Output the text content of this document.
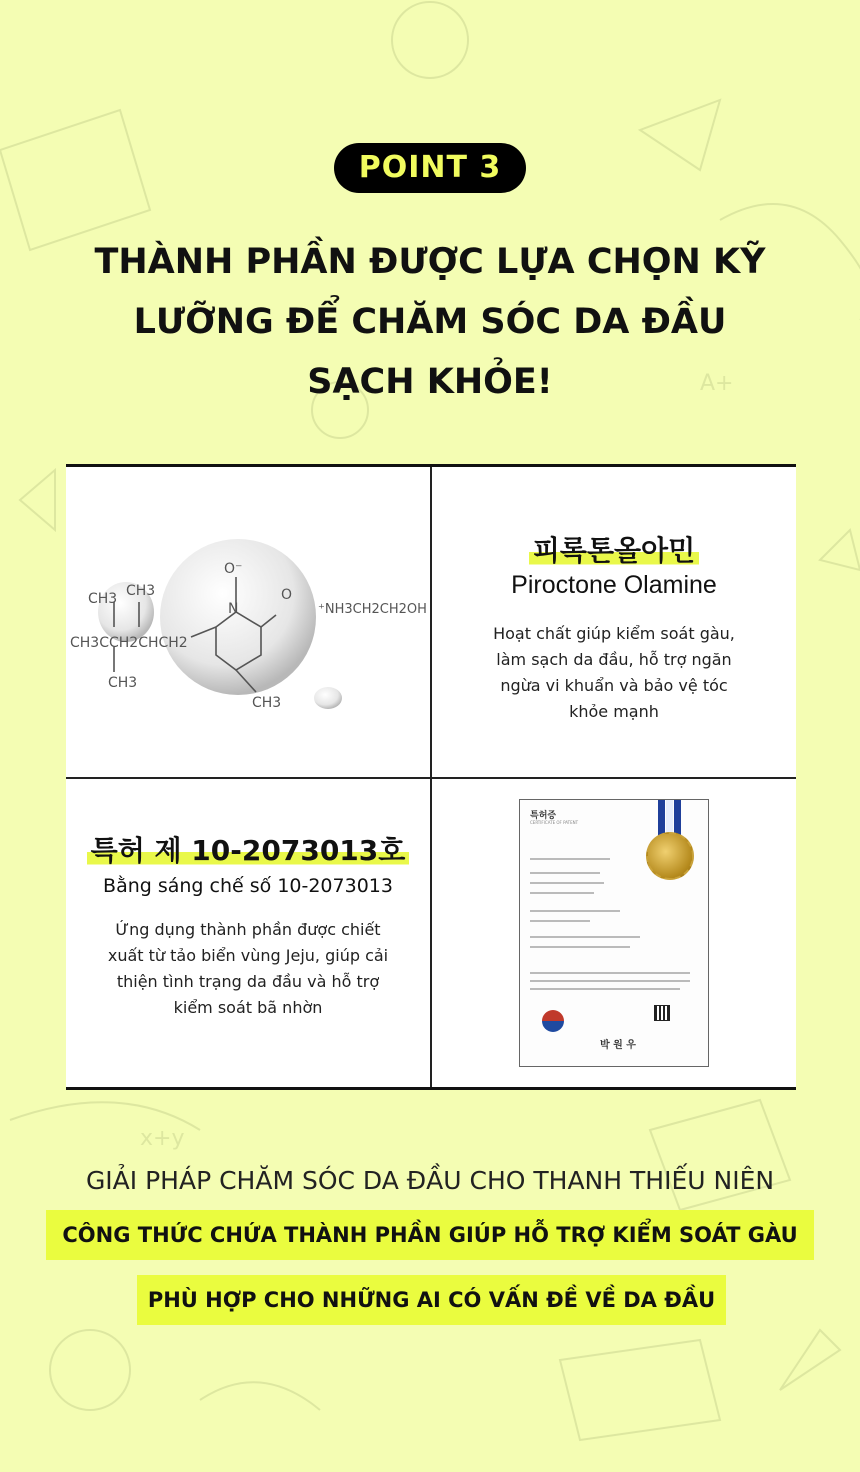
A+
x+y
POINT 3
THÀNH PHẦN ĐƯỢC LỰA CHỌN KỸ
LƯỠNG ĐỂ CHĂM SÓC DA ĐẦU
SẠCH KHỎE!
CH3 CH3
CH3CCH2CHCH2
CH3
O⁻
N
O
⁺NH3CH2CH2OH
CH3
피록톤올아민
Piroctone Olamine
Hoạt chất giúp kiểm soát gàu,
làm sạch da đầu, hỗ trợ ngăn
ngừa vi khuẩn và bảo vệ tóc
khỏe mạnh
특허 제 10-2073013호
Bằng sáng chế số 10-2073013
Ứng dụng thành phần được chiết
xuất từ tảo biển vùng Jeju, giúp cải
thiện tình trạng da đầu và hỗ trợ
kiểm soát bã nhờn
특허증
CERTIFICATE OF PATENT
박 원 우
GIẢI PHÁP CHĂM SÓC DA ĐẦU CHO THANH THIẾU NIÊN
CÔNG THỨC CHỨA THÀNH PHẦN GIÚP HỖ TRỢ KIỂM SOÁT GÀU
PHÙ HỢP CHO NHỮNG AI CÓ VẤN ĐỀ VỀ DA ĐẦU
